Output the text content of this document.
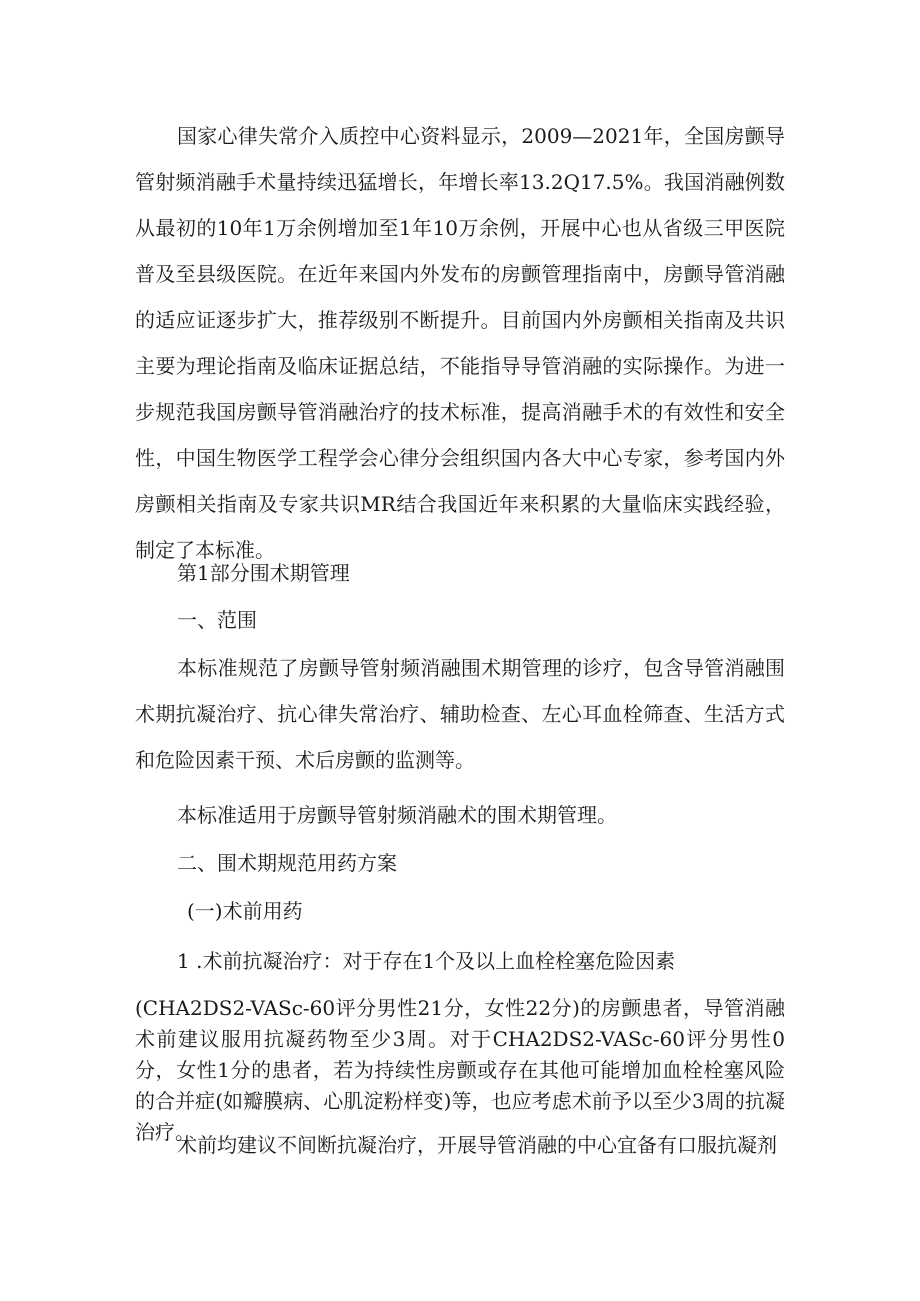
国家心律失常介入质控中心资料显示，2009—2021年，全国房颤导管射频消融手术量持续迅猛增长，年增长率13.2Q17.5%。我国消融例数从最初的10年1万余例增加至1年10万余例，开展中心也从省级三甲医院普及至县级医院。在近年来国内外发布的房颤管理指南中，房颤导管消融的适应证逐步扩大，推荐级别不断提升。目前国内外房颤相关指南及共识主要为理论指南及临床证据总结，不能指导导管消融的实际操作。为进一步规范我国房颤导管消融治疗的技术标准，提高消融手术的有效性和安全性，中国生物医学工程学会心律分会组织国内各大中心专家，参考国内外房颤相关指南及专家共识MR结合我国近年来积累的大量临床实践经验，制定了本标准。

第1部分围术期管理

一、范围

本标准规范了房颤导管射频消融围术期管理的诊疗，包含导管消融围术期抗凝治疗、抗心律失常治疗、辅助检查、左心耳血栓筛查、生活方式和危险因素干预、术后房颤的监测等。

本标准适用于房颤导管射频消融术的围术期管理。

二、围术期规范用药方案

(一)术前用药

1 .术前抗凝治疗：对于存在1个及以上血栓栓塞危险因素

(CHA2DS2-VASc-60评分男性21分，女性22分)的房颤患者，导管消融术前建议服用抗凝药物至少3周。对于CHA2DS2-VASc-60评分男性0分，女性1分的患者，若为持续性房颤或存在其他可能增加血栓栓塞风险的合并症(如瓣膜病、心肌淀粉样变)等，也应考虑术前予以至少3周的抗凝治疗。

术前均建议不间断抗凝治疗，开展导管消融的中心宜备有口服抗凝剂
